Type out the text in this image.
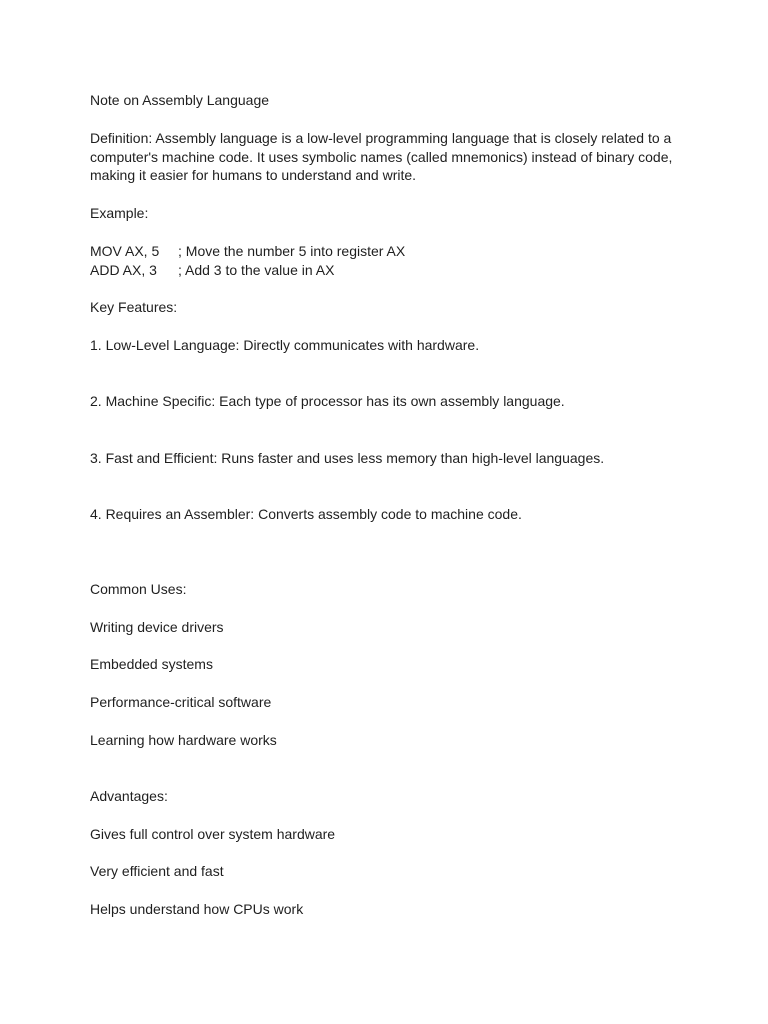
Note on Assembly Language

Definition: Assembly language is a low-level programming language that is closely related to a computer's machine code. It uses symbolic names (called mnemonics) instead of binary code, making it easier for humans to understand and write.

Example:

MOV AX, 5 ; Move the number 5 into register AX

ADD AX, 3 ; Add 3 to the value in AX

Key Features:

1. Low-Level Language: Directly communicates with hardware.

2. Machine Specific: Each type of processor has its own assembly language.

3. Fast and Efficient: Runs faster and uses less memory than high-level languages.

4. Requires an Assembler: Converts assembly code to machine code.

Common Uses:

Writing device drivers

Embedded systems

Performance-critical software

Learning how hardware works

Advantages:

Gives full control over system hardware

Very efficient and fast

Helps understand how CPUs work
